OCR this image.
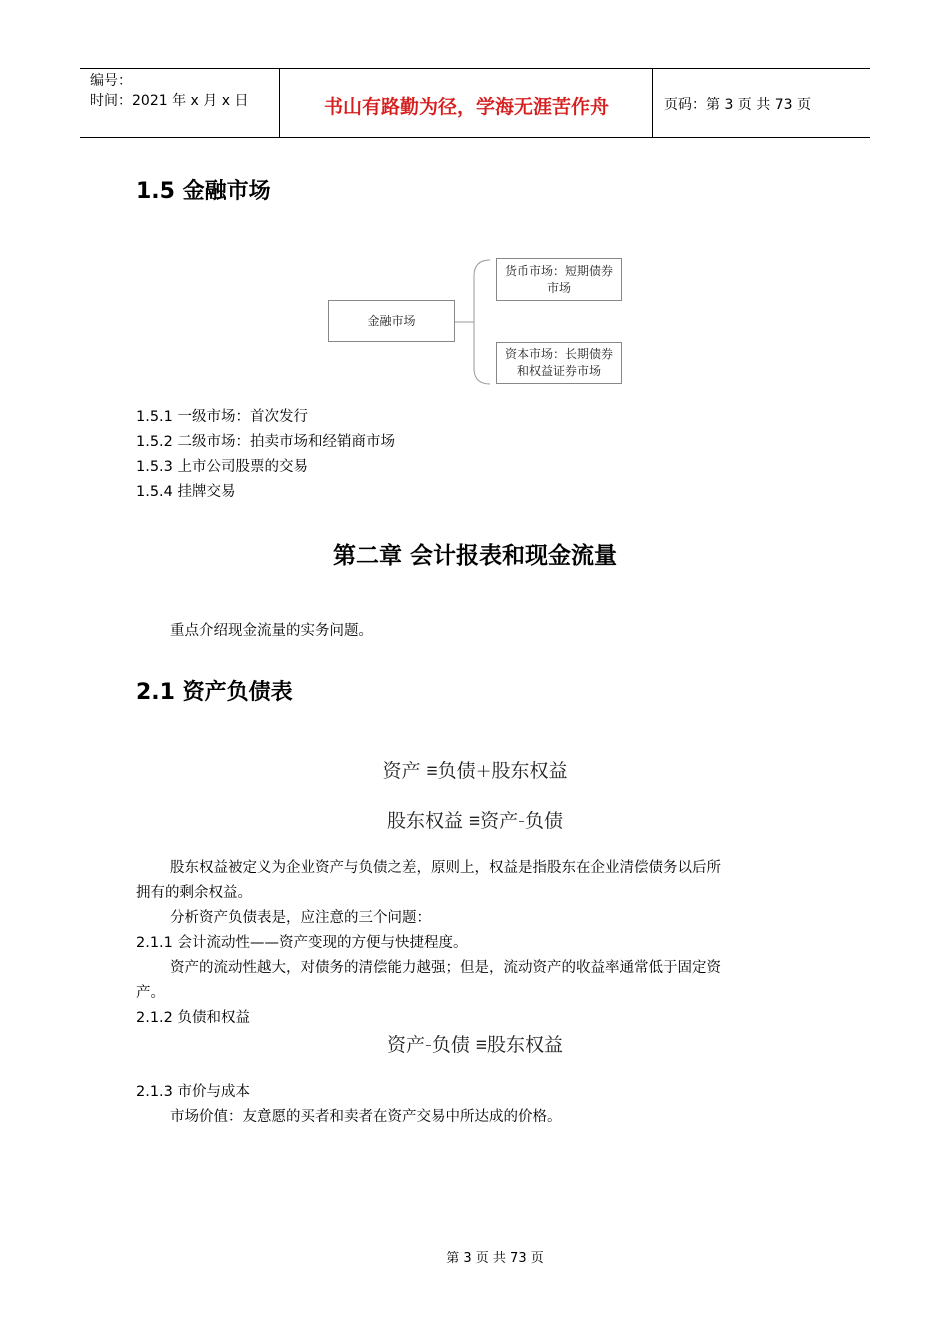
编号：
时间：2021 年 x 月 x 日	书山有路勤为径，学海无涯苦作舟	页码：第 3 页 共 73 页
1.5 金融市场
金融市场
货币市场：短期债券
市场
资本市场：长期债券
和权益证券市场
1.5.1 一级市场：首次发行
1.5.2 二级市场：拍卖市场和经销商市场
1.5.3 上市公司股票的交易
1.5.4 挂牌交易
第二章 会计报表和现金流量
重点介绍现金流量的实务问题。
2.1 资产负债表
资产 ≡负债+股东权益
股东权益 ≡资产-负债
股东权益被定义为企业资产与负债之差，原则上，权益是指股东在企业清偿债务以后所
拥有的剩余权益。
分析资产负债表是，应注意的三个问题：
2.1.1 会计流动性——资产变现的方便与快捷程度。
资产的流动性越大，对债务的清偿能力越强；但是，流动资产的收益率通常低于固定资
产。
2.1.2 负债和权益
资产-负债 ≡股东权益
2.1.3 市价与成本
市场价值：友意愿的买者和卖者在资产交易中所达成的价格。
第 3 页 共 73 页
